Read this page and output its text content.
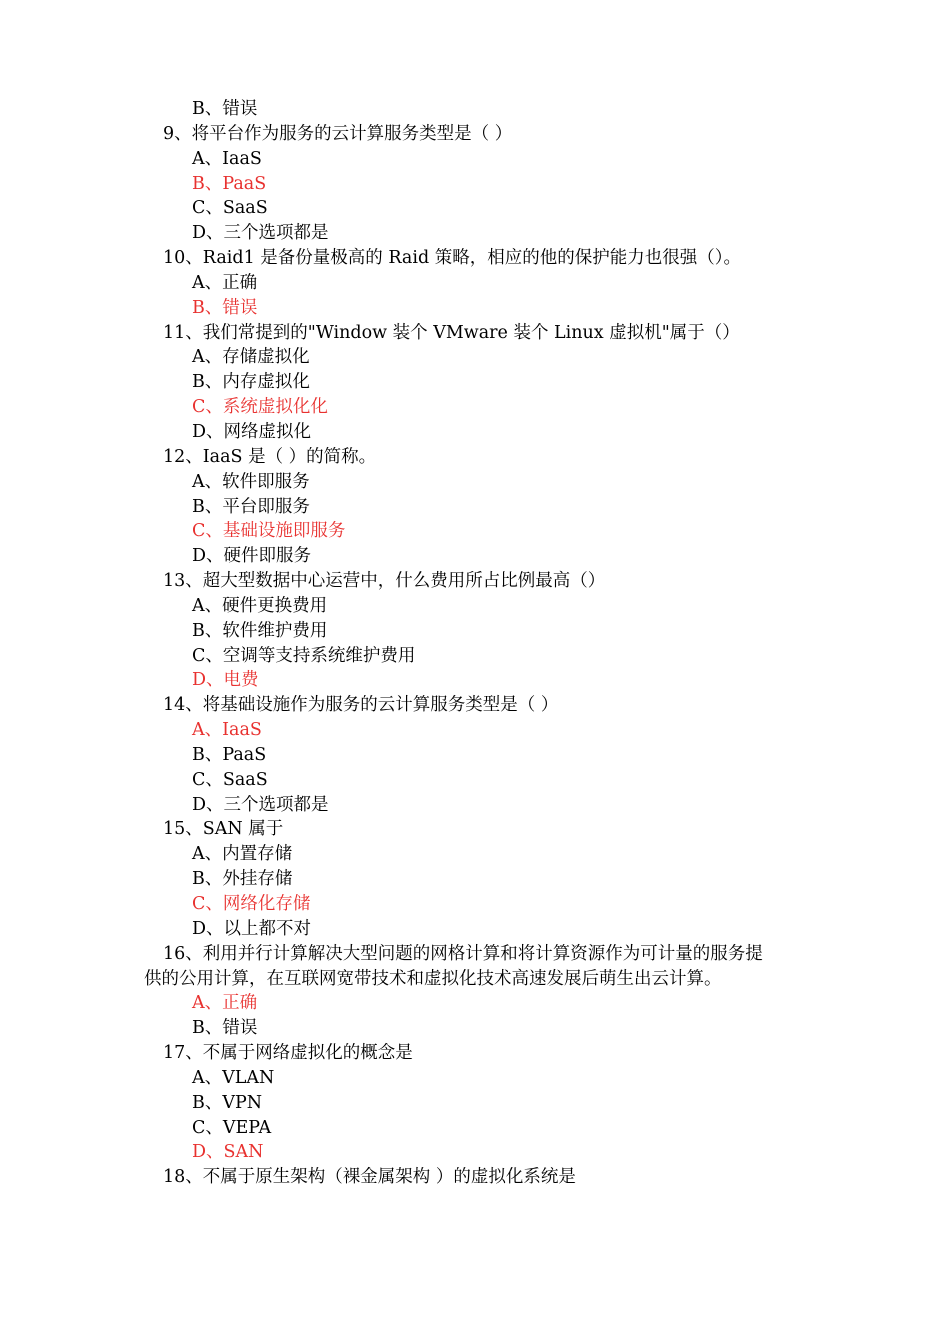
B、错误
9、将平台作为服务的云计算服务类型是（ ）
A、IaaS
B、PaaS
C、SaaS
D、三个选项都是
10、Raid1 是备份量极高的 Raid 策略，相应的他的保护能力也很强（）。
A、正确
B、错误
11、我们常提到的"Window 装个 VMware 装个 Linux 虚拟机"属于（）
A、存储虚拟化
B、内存虚拟化
C、系统虚拟化化
D、网络虚拟化
12、IaaS 是（ ）的简称。
A、软件即服务
B、平台即服务
C、基础设施即服务
D、硬件即服务
13、超大型数据中心运营中，什么费用所占比例最高（）
A、硬件更换费用
B、软件维护费用
C、空调等支持系统维护费用
D、电费
14、将基础设施作为服务的云计算服务类型是（ ）
A、IaaS
B、PaaS
C、SaaS
D、三个选项都是
15、SAN 属于
A、内置存储
B、外挂存储
C、网络化存储
D、以上都不对
16、利用并行计算解决大型问题的网格计算和将计算资源作为可计量的服务提
供的公用计算，在互联网宽带技术和虚拟化技术高速发展后萌生出云计算。
A、正确
B、错误
17、不属于网络虚拟化的概念是
A、VLAN
B、VPN
C、VEPA
D、SAN
18、不属于原生架构（裸金属架构 ）的虚拟化系统是
